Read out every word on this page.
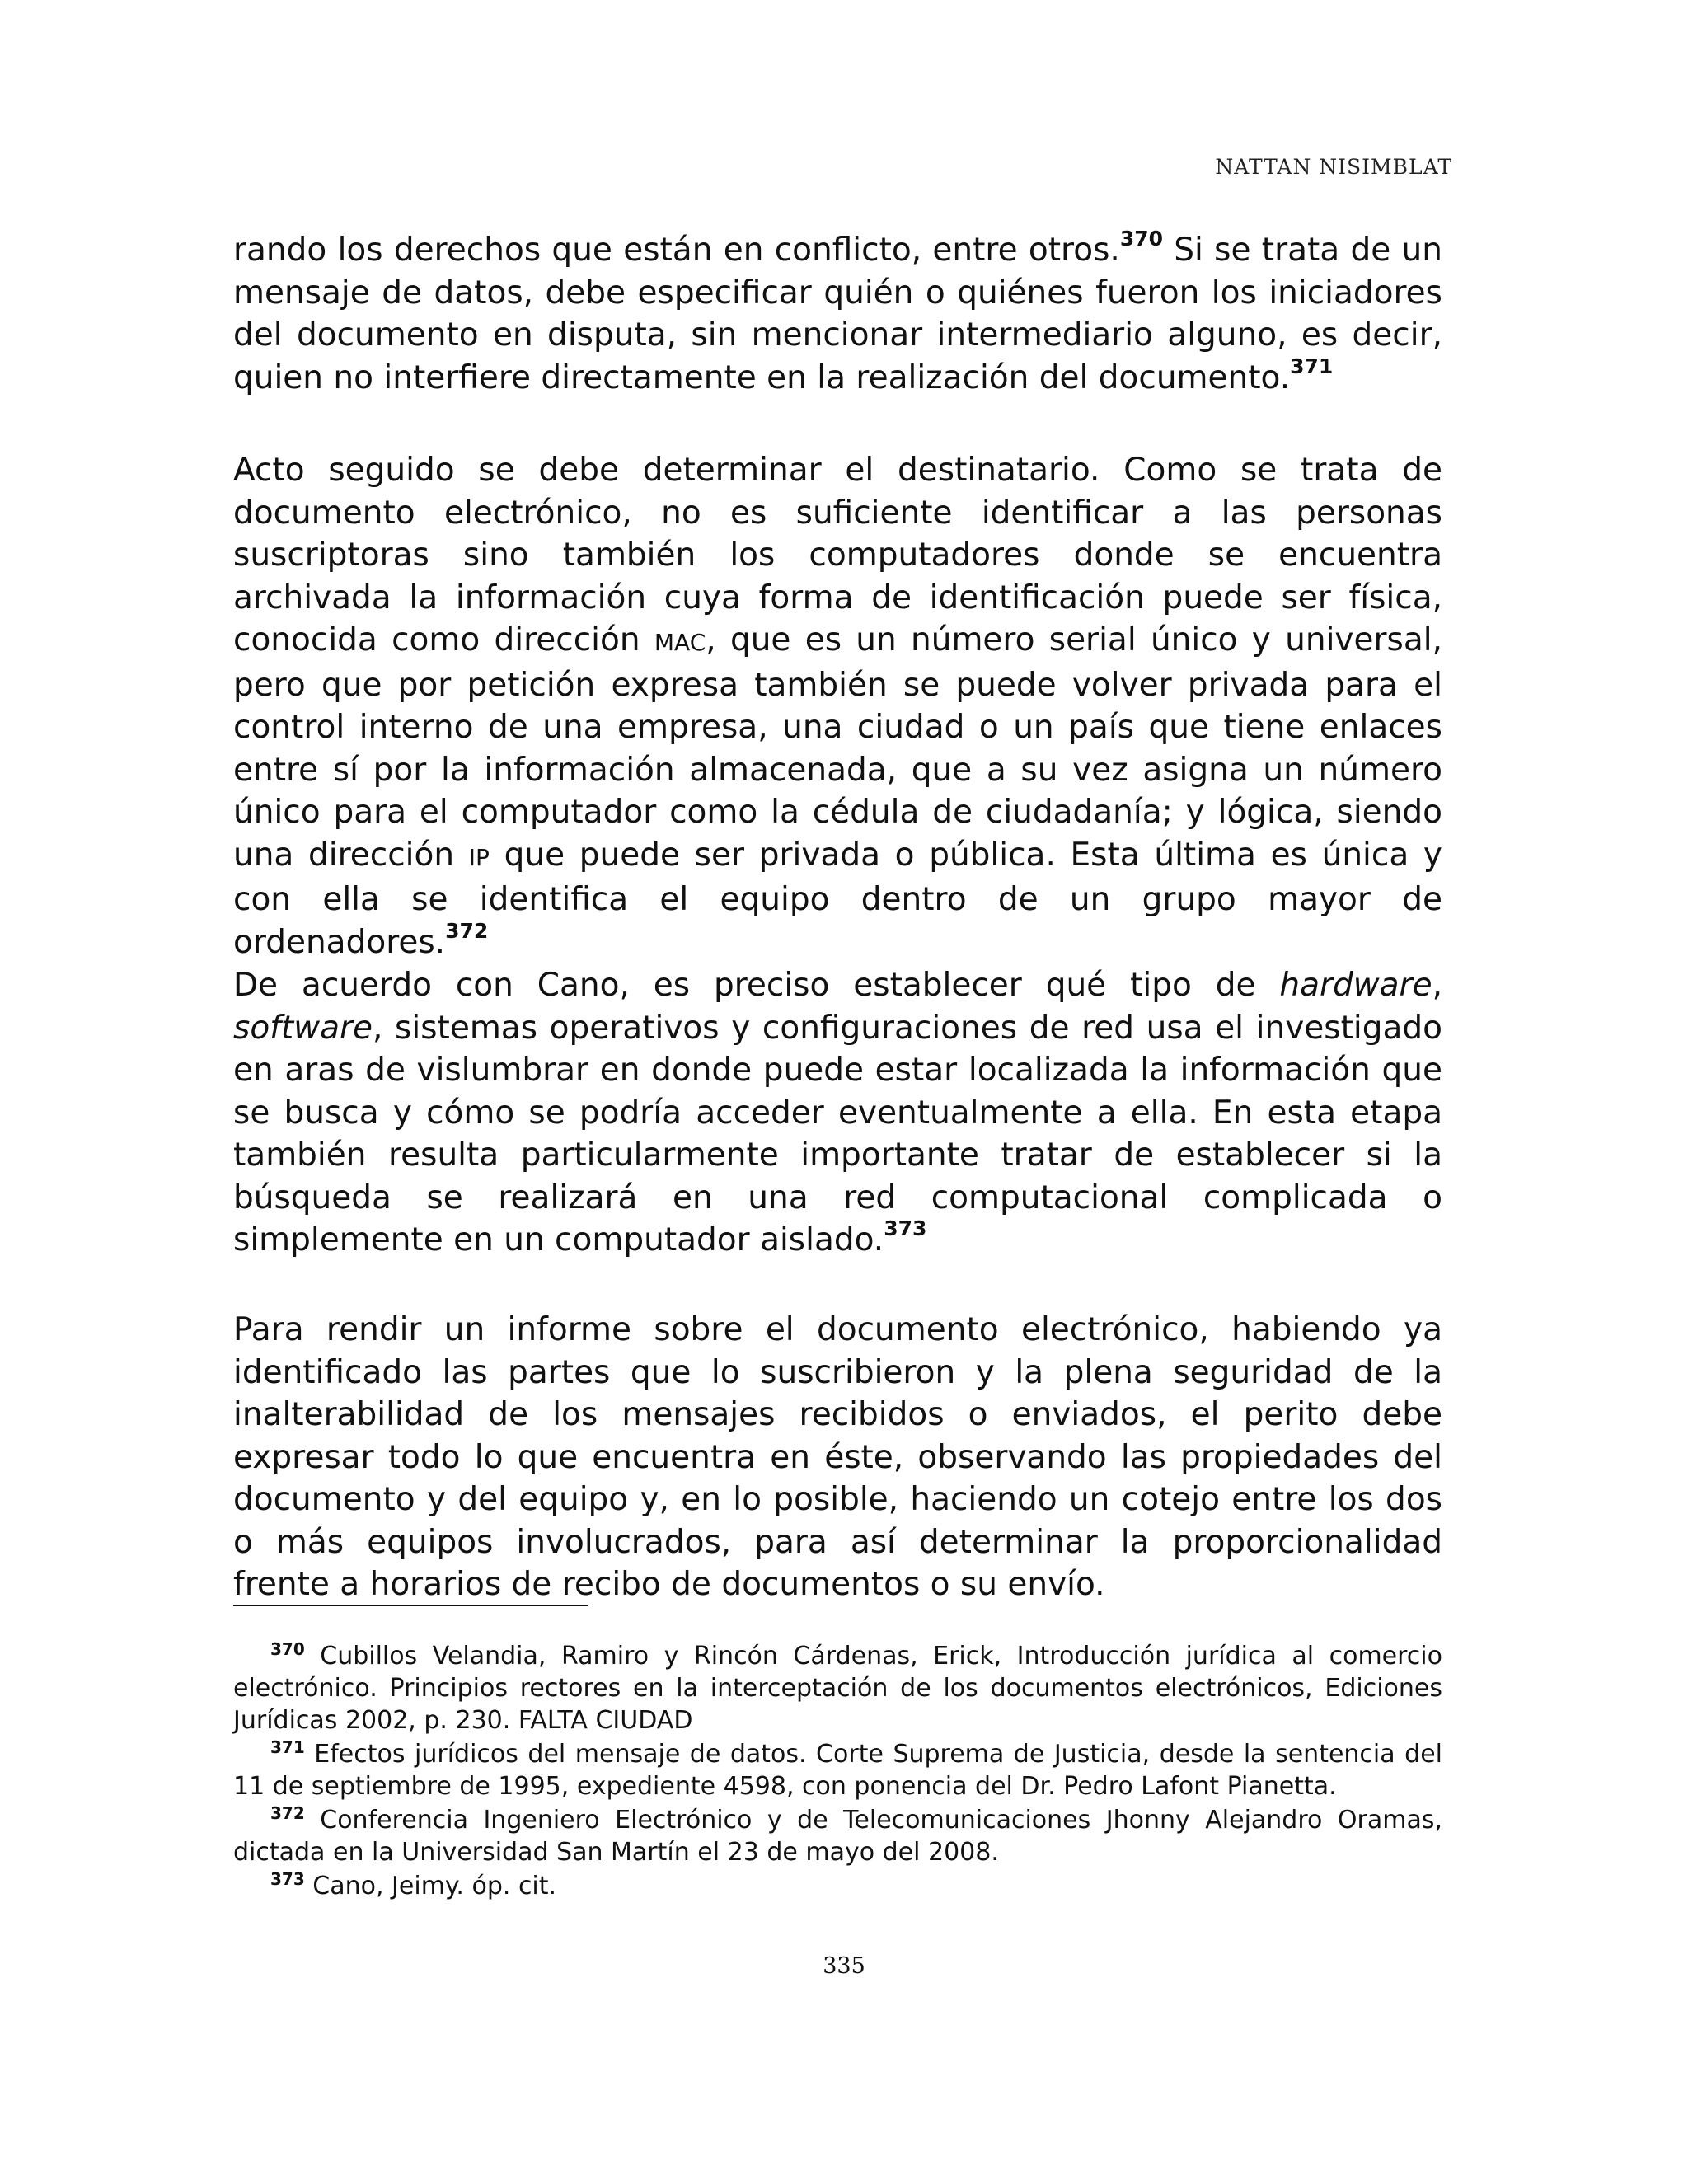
NATTAN NISIMBLAT

rando los derechos que están en conflicto, entre otros.$^{370}$ Si se trata de un mensaje de datos, debe especificar quién o quiénes fueron los iniciadores del documento en disputa, sin mencionar intermediario alguno, es decir, quien no interfiere directamente en la realización del documento.$^{371}$

Acto seguido se debe determinar el destinatario. Como se trata de documento electrónico, no es suficiente identificar a las personas suscriptoras sino también los computadores donde se encuentra archivada la información cuya forma de identificación puede ser física, conocida como dirección MAC, que es un número serial único y universal, pero que por petición expresa también se puede volver privada para el control interno de una empresa, una ciudad o un país que tiene enlaces entre sí por la información almacenada, que a su vez asigna un número único para el computador como la cédula de ciudadanía; y lógica, siendo una dirección IP que puede ser privada o pública. Esta última es única y con ella se identifica el equipo dentro de un grupo mayor de ordenadores.$^{372}$

De acuerdo con Cano, es preciso establecer qué tipo de hardware, software, sistemas operativos y configuraciones de red usa el investigado en aras de vislumbrar en donde puede estar localizada la información que se busca y cómo se podría acceder eventualmente a ella. En esta etapa también resulta particularmente importante tratar de establecer si la búsqueda se realizará en una red computacional complicada o simplemente en un computador aislado.$^{373}$

Para rendir un informe sobre el documento electrónico, habiendo ya identificado las partes que lo suscribieron y la plena seguridad de la inalterabilidad de los mensajes recibidos o enviados, el perito debe expresar todo lo que encuentra en éste, observando las propiedades del documento y del equipo y, en lo posible, haciendo un cotejo entre los dos o más equipos involucrados, para así determinar la proporcionalidad frente a horarios de recibo de documentos o su envío.

$^{370}$ Cubillos Velandia, Ramiro y Rincón Cárdenas, Erick, Introducción jurídica al comercio electrónico. Principios rectores en la interceptación de los documentos electrónicos, Ediciones Jurídicas 2002, p. 230. FALTA CIUDAD

$^{371}$ Efectos jurídicos del mensaje de datos. Corte Suprema de Justicia, desde la sentencia del 11 de septiembre de 1995, expediente 4598, con ponencia del Dr. Pedro Lafont Pianetta.

$^{372}$ Conferencia Ingeniero Electrónico y de Telecomunicaciones Jhonny Alejandro Oramas, dictada en la Universidad San Martín el 23 de mayo del 2008.

$^{373}$ Cano, Jeimy. óp. cit.

335
